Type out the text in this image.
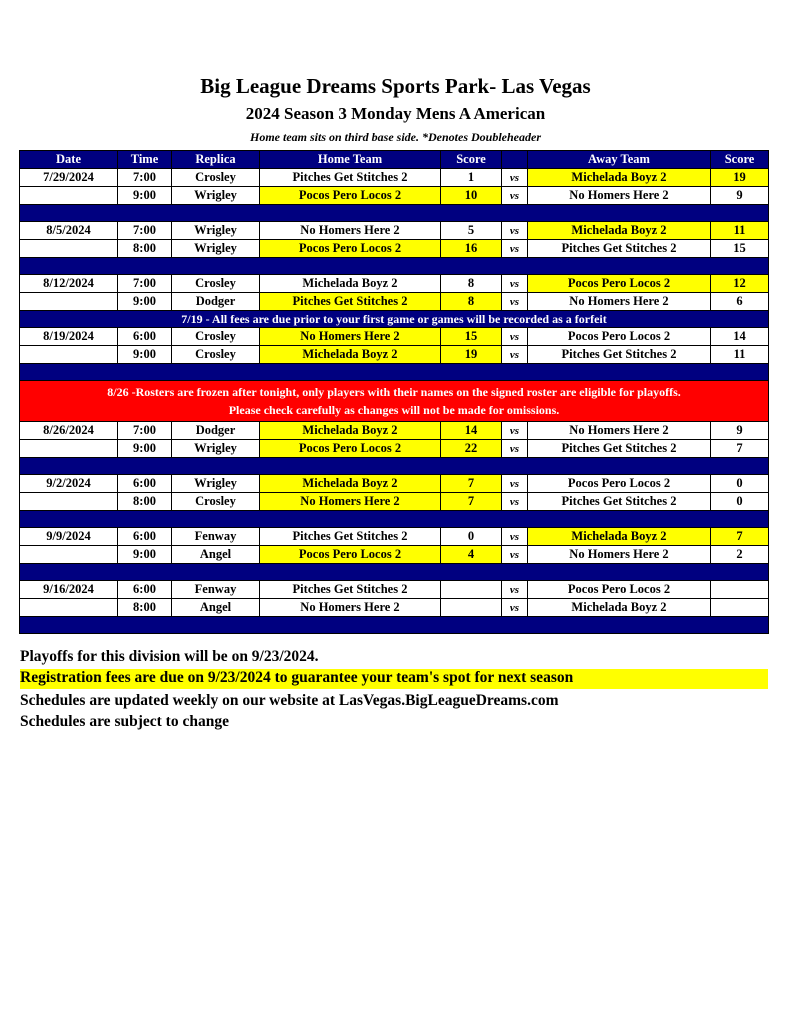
Big League Dreams Sports Park- Las Vegas
2024 Season 3 Monday Mens A American
Home team sits on third base side. *Denotes Doubleheader
Date	Time	Replica	Home Team	Score		Away Team	Score
7/29/2024	7:00	Crosley	Pitches Get Stitches 2	1	vs	Michelada Boyz 2	19
	9:00	Wrigley	Pocos Pero Locos 2	10	vs	No Homers Here 2	9

8/5/2024	7:00	Wrigley	No Homers Here 2	5	vs	Michelada Boyz 2	11
	8:00	Wrigley	Pocos Pero Locos 2	16	vs	Pitches Get Stitches 2	15

8/12/2024	7:00	Crosley	Michelada Boyz 2	8	vs	Pocos Pero Locos 2	12
	9:00	Dodger	Pitches Get Stitches 2	8	vs	No Homers Here 2	6
7/19 - All fees are due prior to your first game or games will be recorded as a forfeit							
8/19/2024	6:00	Crosley	No Homers Here 2	15	vs	Pocos Pero Locos 2	14
	9:00	Crosley	Michelada Boyz 2	19	vs	Pitches Get Stitches 2	11

8/26 -Rosters are frozen after tonight, only players with their names on the signed roster are eligible for playoffs.
Please check carefully as changes will not be made for omissions.							

8/26/2024	7:00	Dodger	Michelada Boyz 2	14	vs	No Homers Here 2	9
	9:00	Wrigley	Pocos Pero Locos 2	22	vs	Pitches Get Stitches 2	7

9/2/2024	6:00	Wrigley	Michelada Boyz 2	7	vs	Pocos Pero Locos 2	0
	8:00	Crosley	No Homers Here 2	7	vs	Pitches Get Stitches 2	0

9/9/2024	6:00	Fenway	Pitches Get Stitches 2	0	vs	Michelada Boyz 2	7
	9:00	Angel	Pocos Pero Locos 2	4	vs	No Homers Here 2	2

9/16/2024	6:00	Fenway	Pitches Get Stitches 2		vs	Pocos Pero Locos 2	
	8:00	Angel	No Homers Here 2		vs	Michelada Boyz 2	

Playoffs for this division will be on 9/23/2024.
Registration fees are due on 9/23/2024 to guarantee your team's spot for next season
Schedules are updated weekly on our website at LasVegas.BigLeagueDreams.com
Schedules are subject to change
